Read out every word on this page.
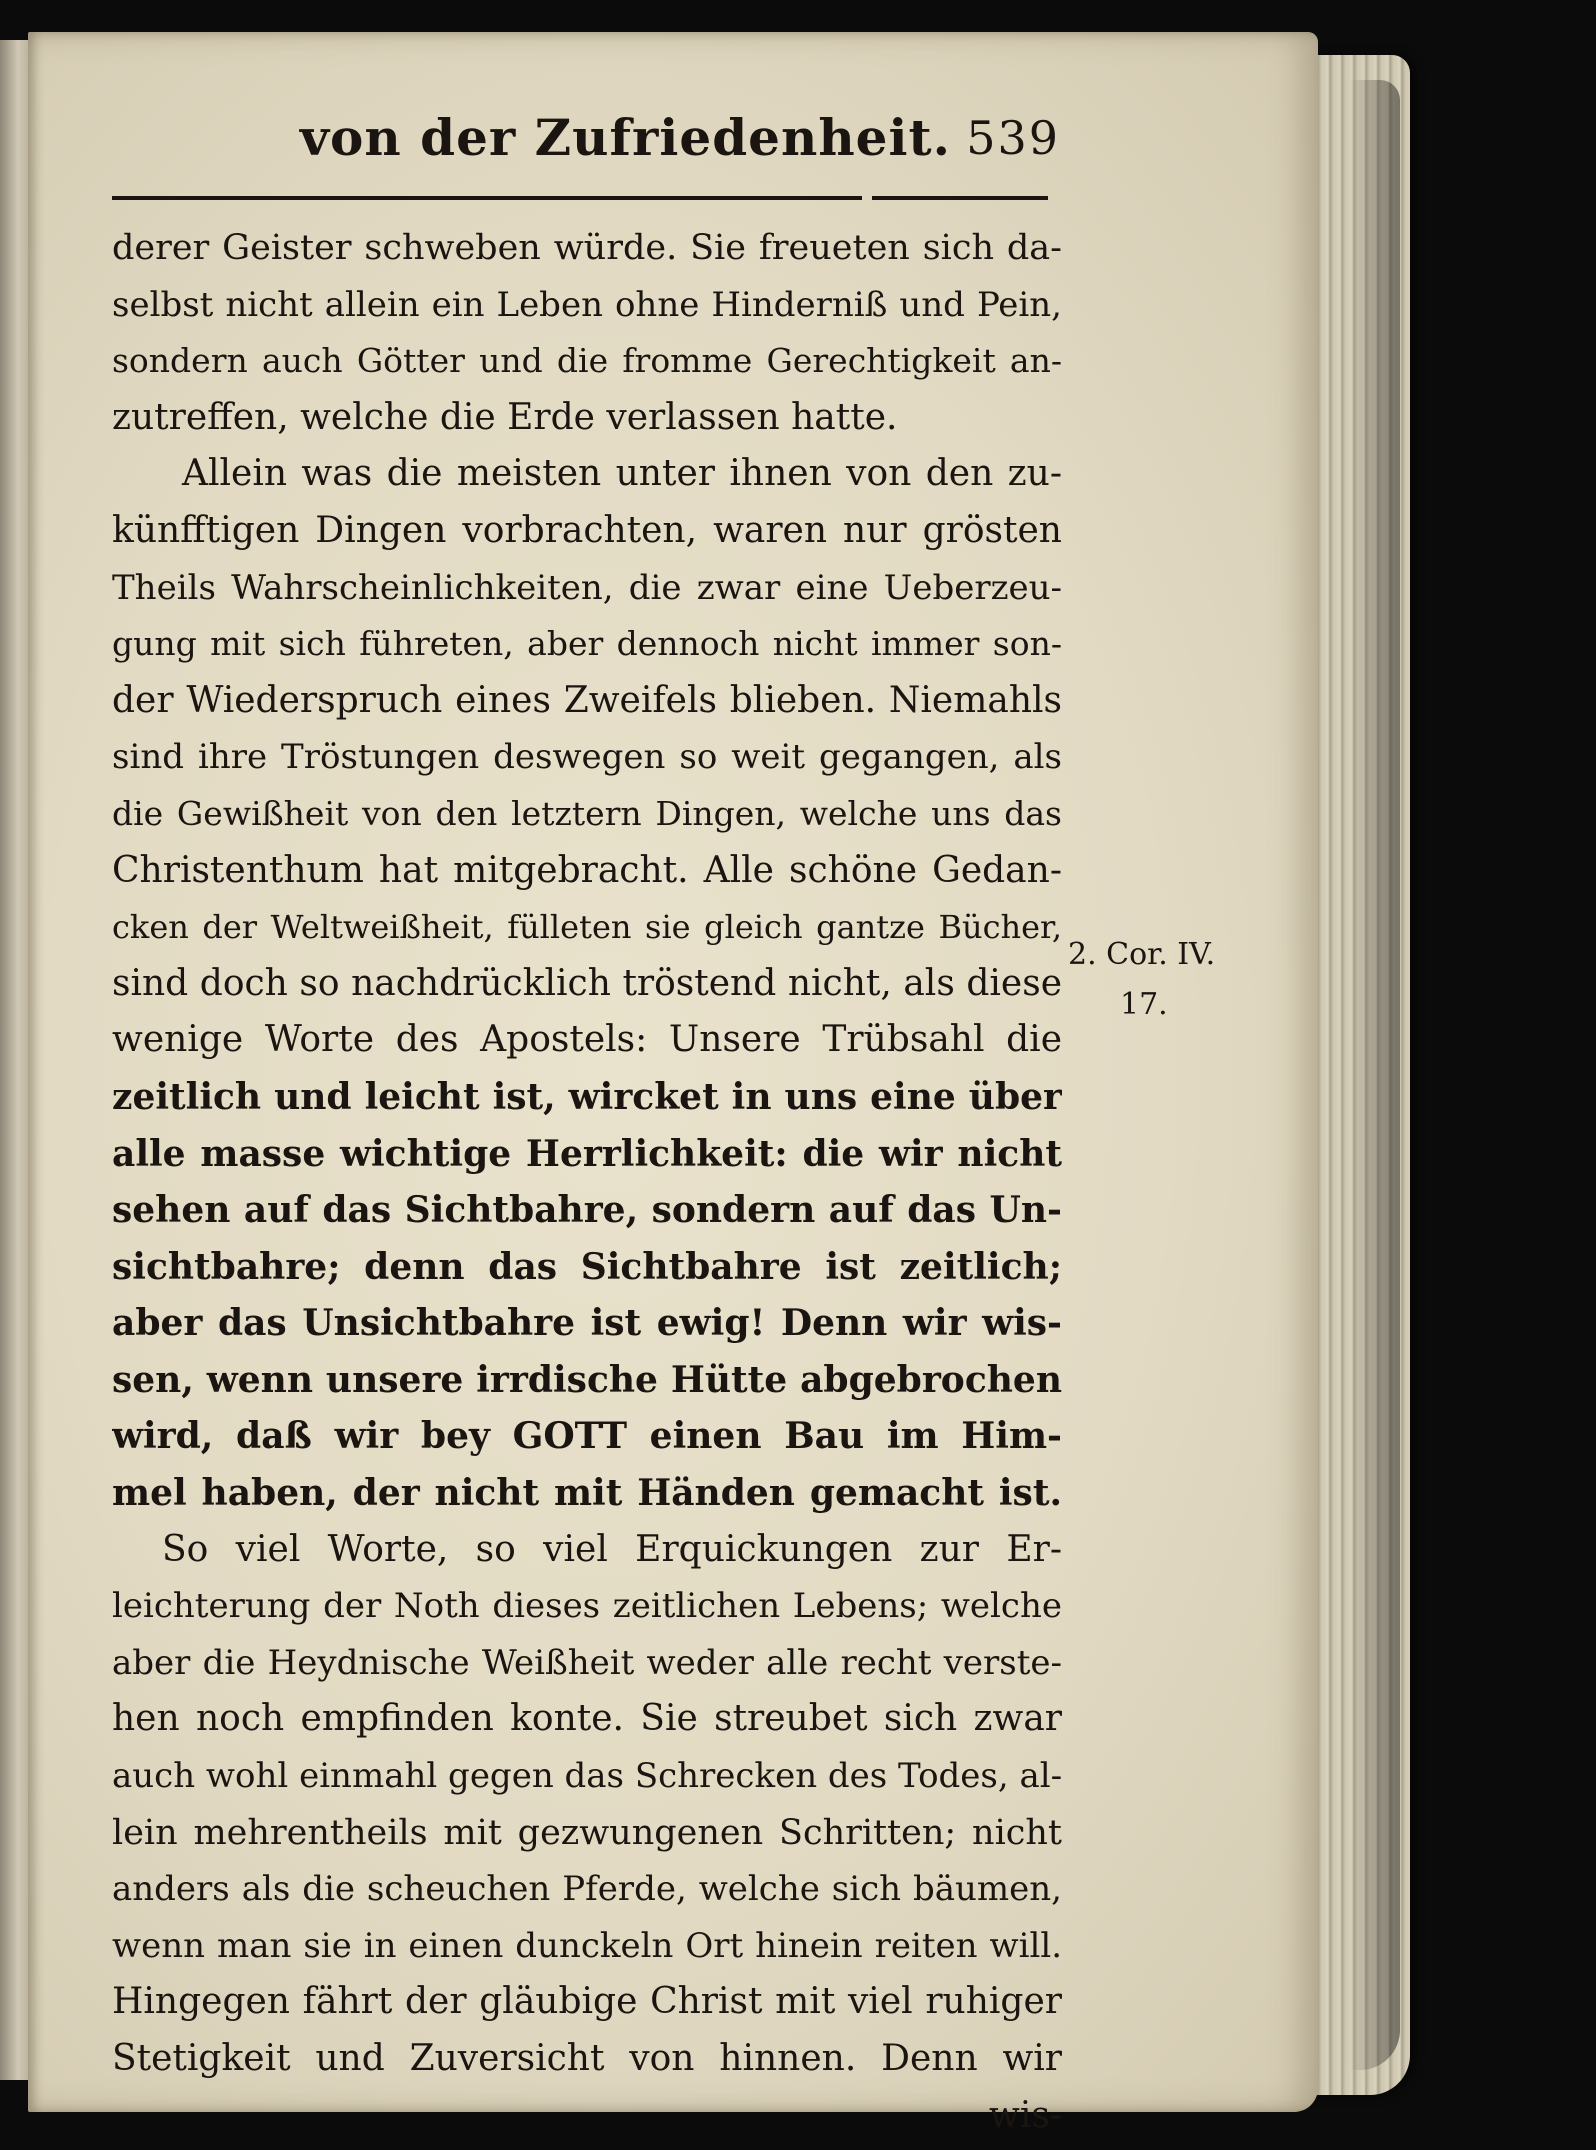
von der Zufriedenheit. 539
derer Geister schweben würde. Sie freueten sich da-
selbst nicht allein ein Leben ohne Hinderniß und Pein,
sondern auch Götter und die fromme Gerechtigkeit an-
zutreffen, welche die Erde verlassen hatte.
Allein was die meisten unter ihnen von den zu-
künfftigen Dingen vorbrachten, waren nur grösten
Theils Wahrscheinlichkeiten, die zwar eine Ueberzeu-
gung mit sich führeten, aber dennoch nicht immer son-
der Wiederspruch eines Zweifels blieben. Niemahls
sind ihre Tröstungen deswegen so weit gegangen, als
die Gewißheit von den letztern Dingen, welche uns das
Christenthum hat mitgebracht. Alle schöne Gedan-
cken der Weltweißheit, fülleten sie gleich gantze Bücher,
sind doch so nachdrücklich tröstend nicht, als diese
wenige Worte des Apostels: Unsere Trübsahl die
zeitlich und leicht ist, wircket in uns eine über
alle masse wichtige Herrlichkeit: die wir nicht
sehen auf das Sichtbahre, sondern auf das Un-
sichtbahre; denn das Sichtbahre ist zeitlich;
aber das Unsichtbahre ist ewig! Denn wir wis-
sen, wenn unsere irrdische Hütte abgebrochen
wird, daß wir bey GOTT einen Bau im Him-
mel haben, der nicht mit Händen gemacht ist.
So viel Worte, so viel Erquickungen zur Er-
leichterung der Noth dieses zeitlichen Lebens; welche
aber die Heydnische Weißheit weder alle recht verste-
hen noch empfinden konte. Sie streubet sich zwar
auch wohl einmahl gegen das Schrecken des Todes, al-
lein mehrentheils mit gezwungenen Schritten; nicht
anders als die scheuchen Pferde, welche sich bäumen,
wenn man sie in einen dunckeln Ort hinein reiten will.
Hingegen fährt der gläubige Christ mit viel ruhiger
Stetigkeit und Zuversicht von hinnen. Denn wir
wis-
2. Cor. IV.
17.
